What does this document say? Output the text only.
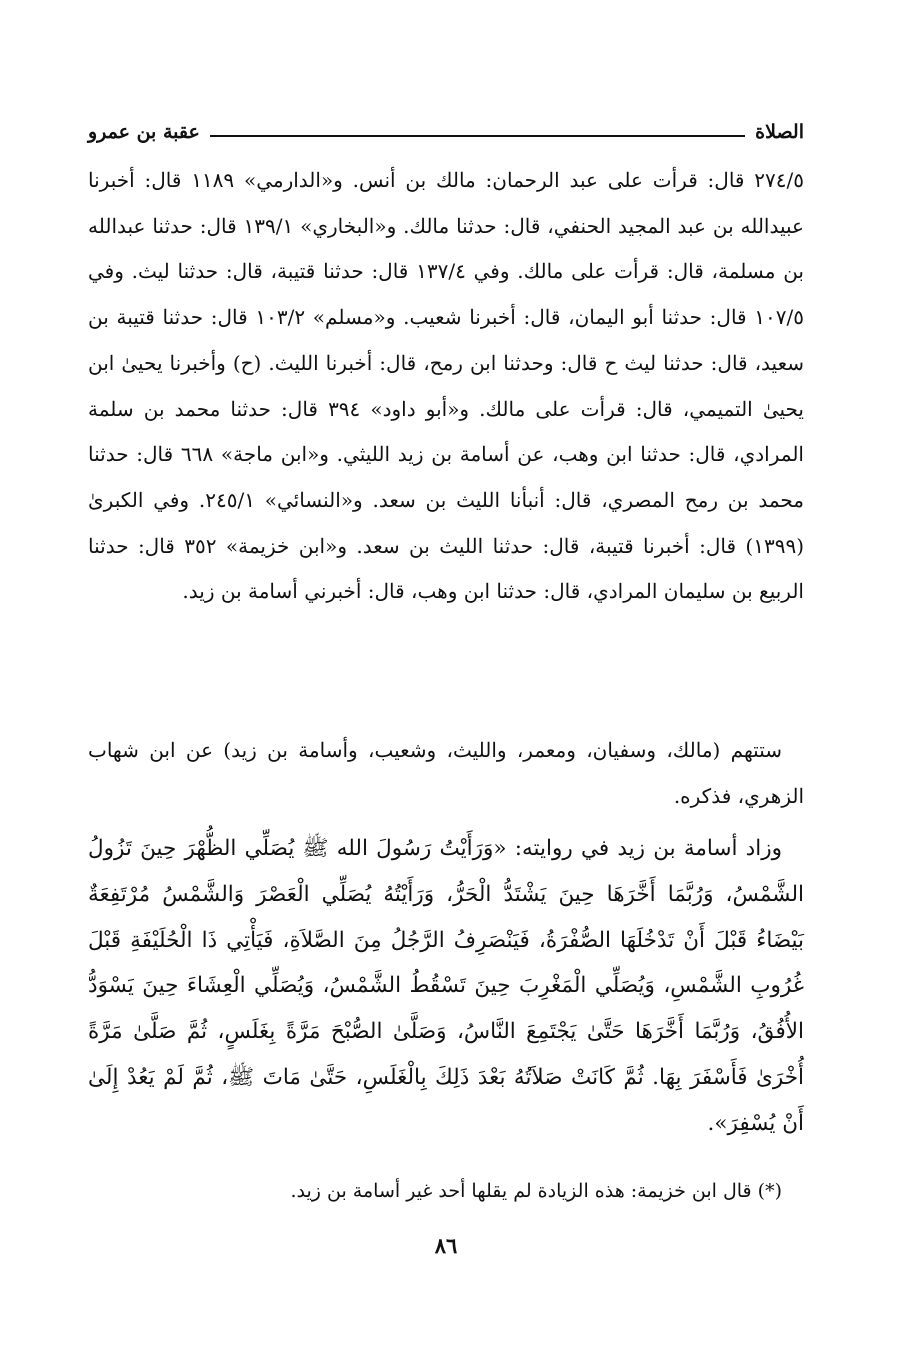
الصلاة
عقبة بن عمرو

٢٧٤/٥ قال: قرأت على عبد الرحمان: مالك بن أنس. و«الدارمي» ١١٨٩ قال: أخبرنا عبيدالله بن عبد المجيد الحنفي، قال: حدثنا مالك. و«البخاري» ١٣٩/١ قال: حدثنا عبدالله بن مسلمة، قال: قرأت على مالك. وفي ١٣٧/٤ قال: حدثنا قتيبة، قال: حدثنا ليث. وفي ١٠٧/٥ قال: حدثنا أبو اليمان، قال: أخبرنا شعيب. و«مسلم» ١٠٣/٢ قال: حدثنا قتيبة بن سعيد، قال: حدثنا ليث ح قال: وحدثنا ابن رمح، قال: أخبرنا الليث. (ح) وأخبرنا يحيىٰ ابن يحيىٰ التميمي، قال: قرأت على مالك. و«أبو داود» ٣٩٤ قال: حدثنا محمد بن سلمة المرادي، قال: حدثنا ابن وهب، عن أسامة بن زيد الليثي. و«ابن ماجة» ٦٦٨ قال: حدثنا محمد بن رمح المصري، قال: أنبأنا الليث بن سعد. و«النسائي» ٢٤٥/١. وفي الكبرىٰ (١٣٩٩) قال: أخبرنا قتيبة، قال: حدثنا الليث بن سعد. و«ابن خزيمة» ٣٥٢ قال: حدثنا الربيع بن سليمان المرادي، قال: حدثنا ابن وهب، قال: أخبرني أسامة بن زيد.

ستتهم (مالك، وسفيان، ومعمر، والليث، وشعيب، وأسامة بن زيد) عن ابن شهاب الزهري، فذكره.

وزاد أسامة بن زيد في روايته: «وَرَأَيْتُ رَسُولَ الله ﷺ يُصَلِّي الظُّهْرَ حِينَ تَزُولُ الشَّمْسُ، وَرُبَّمَا أَخَّرَهَا حِينَ يَشْتَدُّ الْحَرُّ، وَرَأَيْتُهُ يُصَلِّي الْعَصْرَ وَالشَّمْسُ مُرْتَفِعَةٌ بَيْضَاءُ قَبْلَ أَنْ تَدْخُلَهَا الصُّفْرَةُ، فَيَنْصَرِفُ الرَّجُلُ مِنَ الصَّلاَةِ، فَيَأْتِي ذَا الْحُلَيْفَةِ قَبْلَ غُرُوبِ الشَّمْسِ، وَيُصَلِّي الْمَغْرِبَ حِينَ تَسْقُطُ الشَّمْسُ، وَيُصَلِّي الْعِشَاءَ حِينَ يَسْوَدُّ الأُفُقُ، وَرُبَّمَا أَخَّرَهَا حَتَّىٰ يَجْتَمِعَ النَّاسُ، وَصَلَّىٰ الصُّبْحَ مَرَّةً بِغَلَسٍ، ثُمَّ صَلَّىٰ مَرَّةً أُخْرَىٰ فَأَسْفَرَ بِهَا. ثُمَّ كَانَتْ صَلاَتُهُ بَعْدَ ذَلِكَ بِالْغَلَسِ، حَتَّىٰ مَاتَ ﷺ، ثُمَّ لَمْ يَعُدْ إِلَىٰ أَنْ يُسْفِرَ».

(*) قال ابن خزيمة: هذه الزيادة لم يقلها أحد غير أسامة بن زيد.
٨٦
